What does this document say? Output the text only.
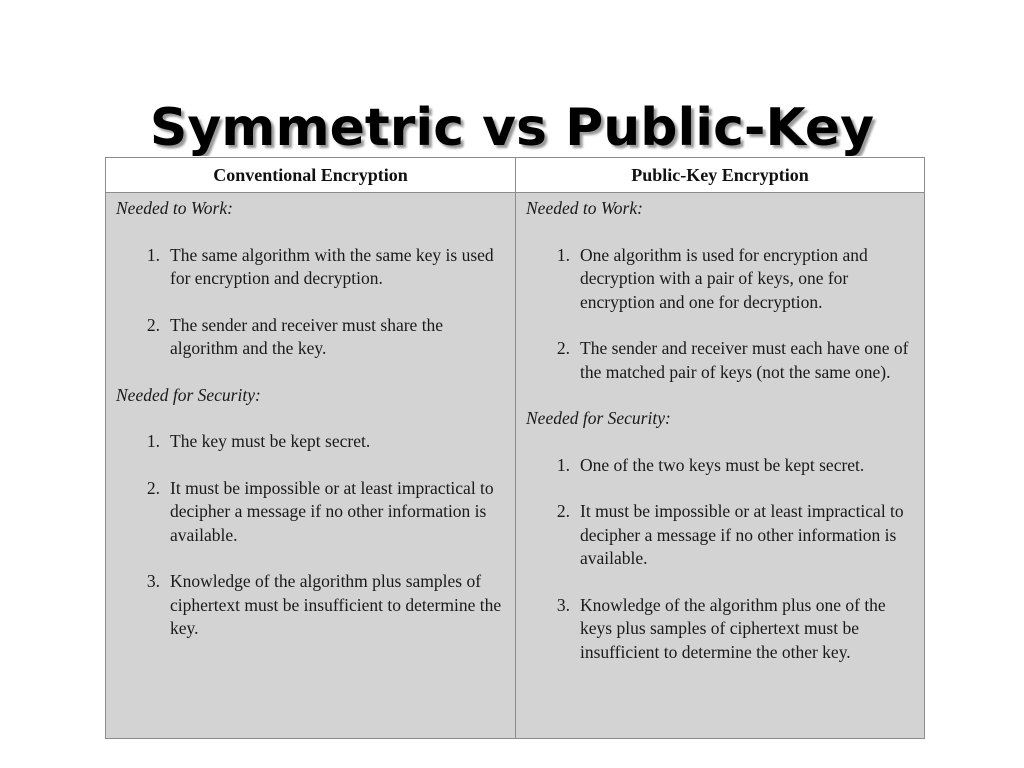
Symmetric vs Public-Key
Conventional Encryption	Public-Key Encryption
Needed to Work:
1. The same algorithm with the same key is used for encryption and decryption.
2. The sender and receiver must share the algorithm and the key.
Needed for Security:
1. The key must be kept secret.
2. It must be impossible or at least impractical to decipher a message if no other information is available.
3. Knowledge of the algorithm plus samples of ciphertext must be insufficient to determine the key.
Needed to Work:
1. One algorithm is used for encryption and decryption with a pair of keys, one for encryption and one for decryption.
2. The sender and receiver must each have one of the matched pair of keys (not the same one).
Needed for Security:
1. One of the two keys must be kept secret.
2. It must be impossible or at least impractical to decipher a message if no other information is available.
3. Knowledge of the algorithm plus one of the keys plus samples of ciphertext must be insufficient to determine the other key.
